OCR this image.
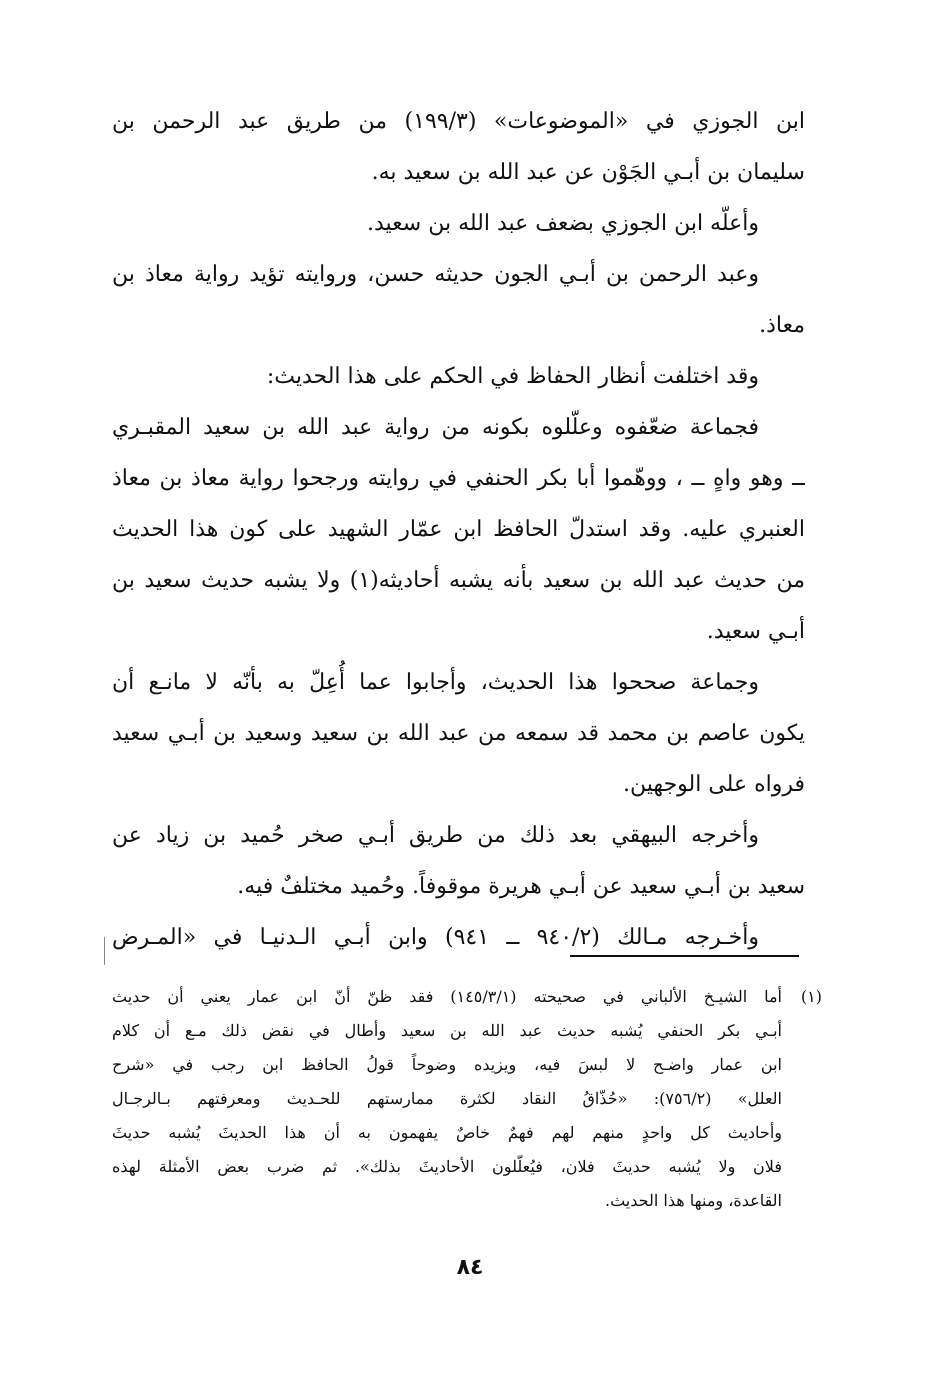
ابن الجوزي في «الموضوعات» (١٩٩/٣) من طريق عبد الرحمن بن
سليمان بن أبـي الجَوْن عن عبد الله بن سعيد به.
وأعلّه ابن الجوزي بضعف عبد الله بن سعيد.
وعبد الرحمن بن أبـي الجون حديثه حسن، وروايته تؤيد رواية معاذ بن
معاذ.
وقد اختلفت أنظار الحفاظ في الحكم على هذا الحديث:
فجماعة ضعّفوه وعلّلوه بكونه من رواية عبد الله بن سعيد المقبـري
ــ وهو واهٍ ــ ، ووهّموا أبا بكر الحنفي في روايته ورجحوا رواية معاذ بن معاذ
العنبري عليه. وقد استدلّ الحافظ ابن عمّار الشهيد على كون هذا الحديث
من حديث عبد الله بن سعيد بأنه يشبه أحاديثه(١) ولا يشبه حديث سعيد بن
أبـي سعيد.
وجماعة صححوا هذا الحديث، وأجابوا عما أُعِلّ به بأنّه لا مانـع أن
يكون عاصم بن محمد قد سمعه من عبد الله بن سعيد وسعيد بن أبـي سعيد
فرواه على الوجهين.
وأخرجه البيهقي بعد ذلك من طريق أبـي صخر حُميد بن زياد عن
سعيد بن أبـي سعيد عن أبـي هريرة موقوفاً. وحُميد مختلفٌ فيه.
وأخـرجه مـالك (٩٤٠/٢ ــ ٩٤١) وابن أبـي الـدنيـا في «المـرض
(١)أما الشيـخ الألباني في صحيحته (١٤٥/٣/١) فقد ظنّ أنّ ابن عمار يعني أن حديث
أبـي بكر الحنفي يُشبه حديث عبد الله بن سعيد وأطال في نقض ذلك مـع أن كلام
ابن عمار واضـح لا لبسَ فيه، ويزيده وضوحاً قولُ الحافظ ابن رجب في «شرح
العلل» (٧٥٦/٢): «حُذّاقُ النقاد لكثرة ممارستهم للحـديث ومعرفتهم بـالرجـال
وأحاديث كل واحدٍ منهم لهم فهمٌ خاصٌ يفهمون به أن هذا الحديثَ يُشبه حديثَ
فلان ولا يُشبه حديثَ فلان، فيُعلّلون الأحاديثَ بذلك». ثم ضرب بعض الأمثلة لهذه
القاعدة، ومنها هذا الحديث.
٨٤
